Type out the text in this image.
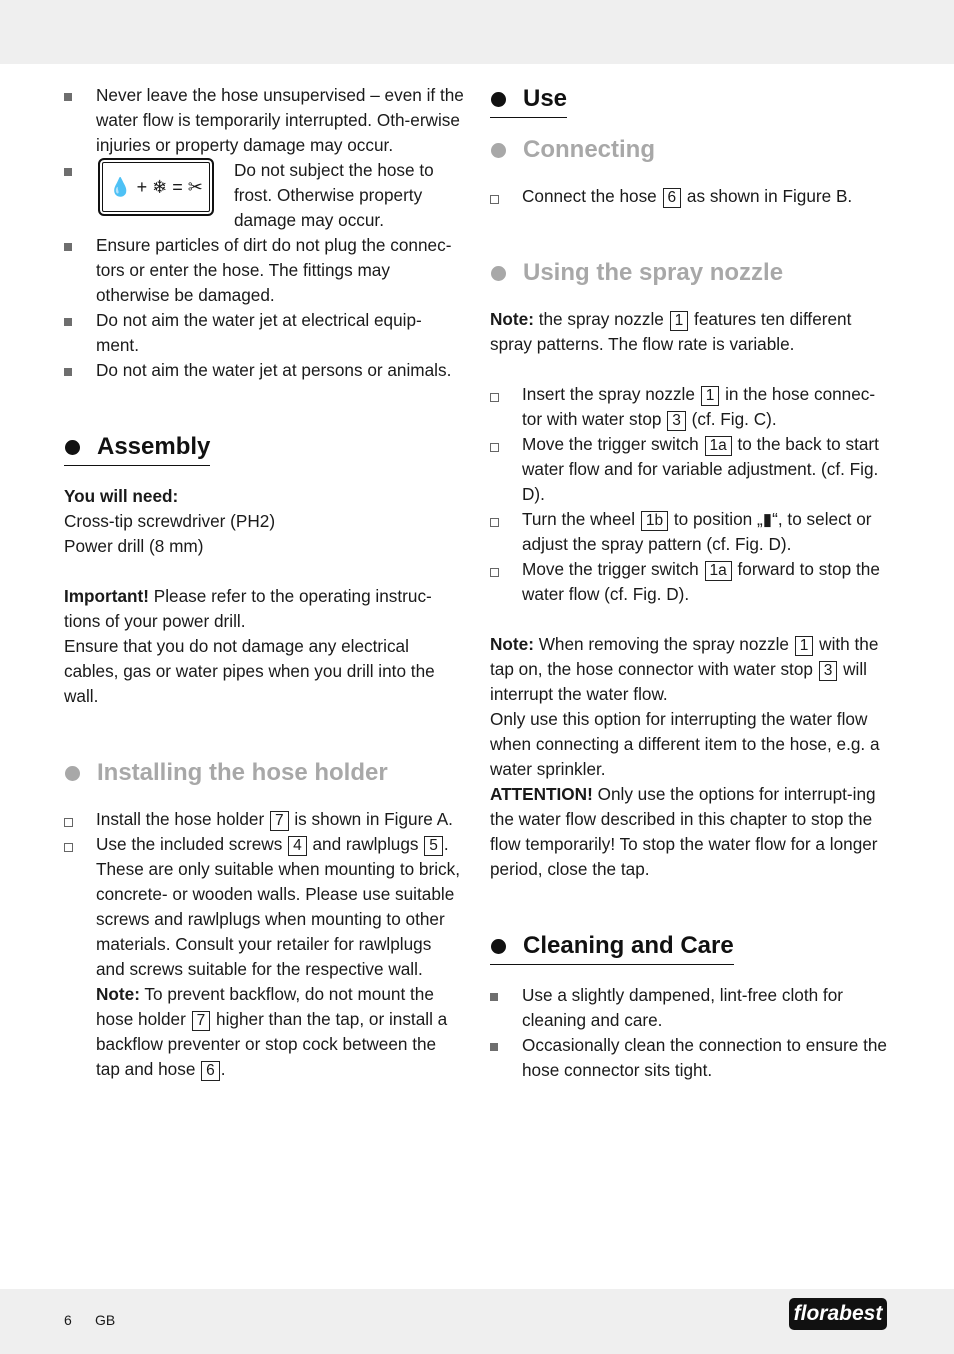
Never leave the hose unsupervised – even if the water flow is temporarily interrupted. Oth-erwise injuries or property damage may occur.
💧 + ❄ = ✂
Do not subject the hose to
frost. Otherwise property
damage may occur.
Ensure particles of dirt do not plug the connec-tors or enter the hose. The fittings may otherwise be damaged.
Do not aim the water jet at electrical equip-ment.
Do not aim the water jet at persons or animals.
Assembly
You will need:
Cross-tip screwdriver (PH2)
Power drill (8 mm)
Important! Please refer to the operating instruc-tions of your power drill.
Ensure that you do not damage any electrical cables, gas or water pipes when you drill into the wall.
Installing the hose holder
Install the hose holder 7 is shown in Figure A.
Use the included screws 4 and rawlplugs 5 . These are only suitable when mounting to brick, concrete- or wooden walls. Please use suitable screws and rawlplugs when mounting to other materials. Consult your retailer for rawlplugs and screws suitable for the respective wall.
Note: To prevent backflow, do not mount the hose holder 7 higher than the tap, or install a backflow preventer or stop cock between the tap and hose 6 .
Use
Connecting
Connect the hose 6 as shown in Figure B.
Using the spray nozzle
Note: the spray nozzle 1 features ten different spray patterns. The flow rate is variable.
Insert the spray nozzle 1 in the hose connec-tor with water stop 3 (cf. Fig. C).
Move the trigger switch 1a to the back to start water flow and for variable adjustment. (cf. Fig. D).
Turn the wheel 1b to position „▮“, to select or adjust the spray pattern (cf. Fig. D).
Move the trigger switch 1a forward to stop the water flow (cf. Fig. D).
Note: When removing the spray nozzle 1 with the tap on, the hose connector with water stop 3 will interrupt the water flow.
Only use this option for interrupting the water flow when connecting a different item to the hose, e.g. a water sprinkler.
ATTENTION! Only use the options for interrupt-ing the water flow described in this chapter to stop the flow temporarily! To stop the water flow for a longer period, close the tap.
Cleaning and Care
Use a slightly dampened, lint-free cloth for cleaning and care.
Occasionally clean the connection to ensure the hose connector sits tight.
6 GB	florabest
